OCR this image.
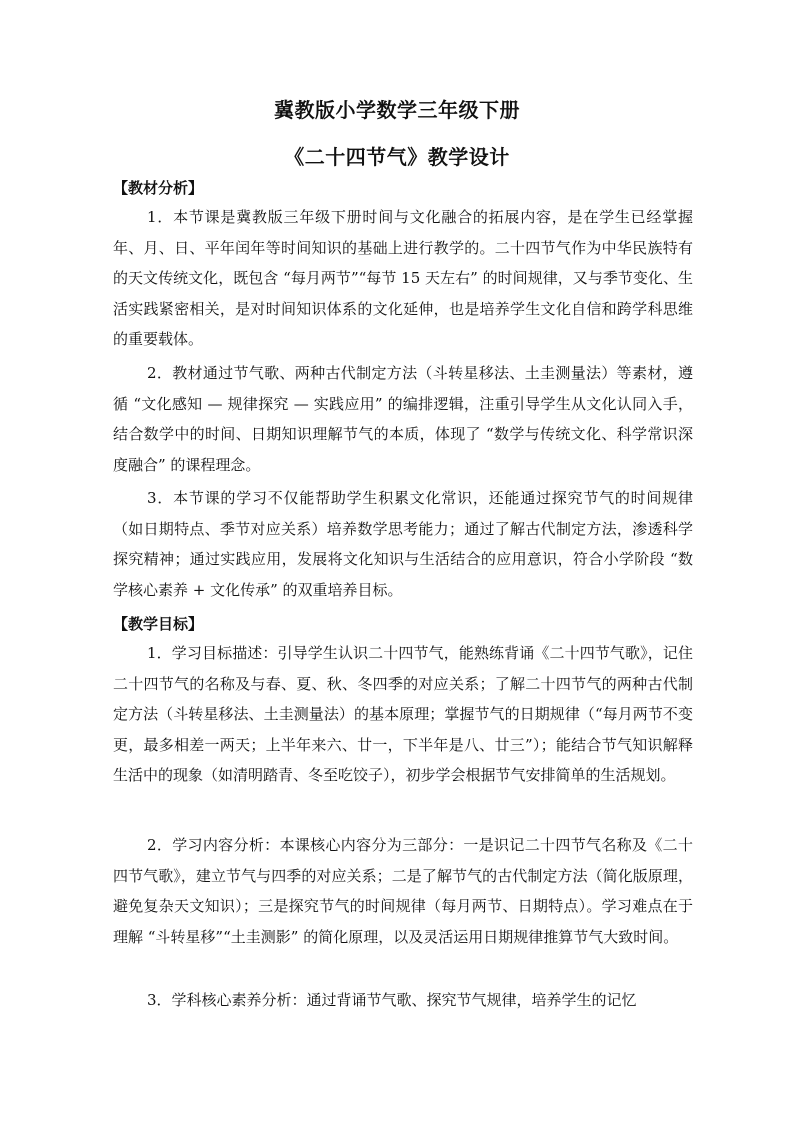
冀教版小学数学三年级下册
《二十四节气》教学设计
【教材分析】
1．本节课是冀教版三年级下册时间与文化融合的拓展内容，是在学生已经掌握年、月、日、平年闰年等时间知识的基础上进行教学的。二十四节气作为中华民族特有的天文传统文化，既包含 “每月两节”“每节 15 天左右” 的时间规律，又与季节变化、生活实践紧密相关，是对时间知识体系的文化延伸，也是培养学生文化自信和跨学科思维的重要载体。
2．教材通过节气歌、两种古代制定方法（斗转星移法、土圭测量法）等素材，遵循 “文化感知 — 规律探究 — 实践应用” 的编排逻辑，注重引导学生从文化认同入手，结合数学中的时间、日期知识理解节气的本质，体现了 “数学与传统文化、科学常识深度融合” 的课程理念。
3．本节课的学习不仅能帮助学生积累文化常识，还能通过探究节气的时间规律（如日期特点、季节对应关系）培养数学思考能力；通过了解古代制定方法，渗透科学探究精神；通过实践应用，发展将文化知识与生活结合的应用意识，符合小学阶段 “数学核心素养 + 文化传承” 的双重培养目标。
【教学目标】
1．学习目标描述：引导学生认识二十四节气，能熟练背诵《二十四节气歌》，记住二十四节气的名称及与春、夏、秋、冬四季的对应关系；了解二十四节气的两种古代制定方法（斗转星移法、土圭测量法）的基本原理；掌握节气的日期规律（“每月两节不变更，最多相差一两天；上半年来六、廿一，下半年是八、廿三”）；能结合节气知识解释生活中的现象（如清明踏青、冬至吃饺子），初步学会根据节气安排简单的生活规划。
2．学习内容分析：本课核心内容分为三部分：一是识记二十四节气名称及《二十四节气歌》，建立节气与四季的对应关系；二是了解节气的古代制定方法（简化版原理，避免复杂天文知识）；三是探究节气的时间规律（每月两节、日期特点）。学习难点在于理解 “斗转星移”“土圭测影” 的简化原理，以及灵活运用日期规律推算节气大致时间。
3．学科核心素养分析：通过背诵节气歌、探究节气规律，培养学生的记忆
